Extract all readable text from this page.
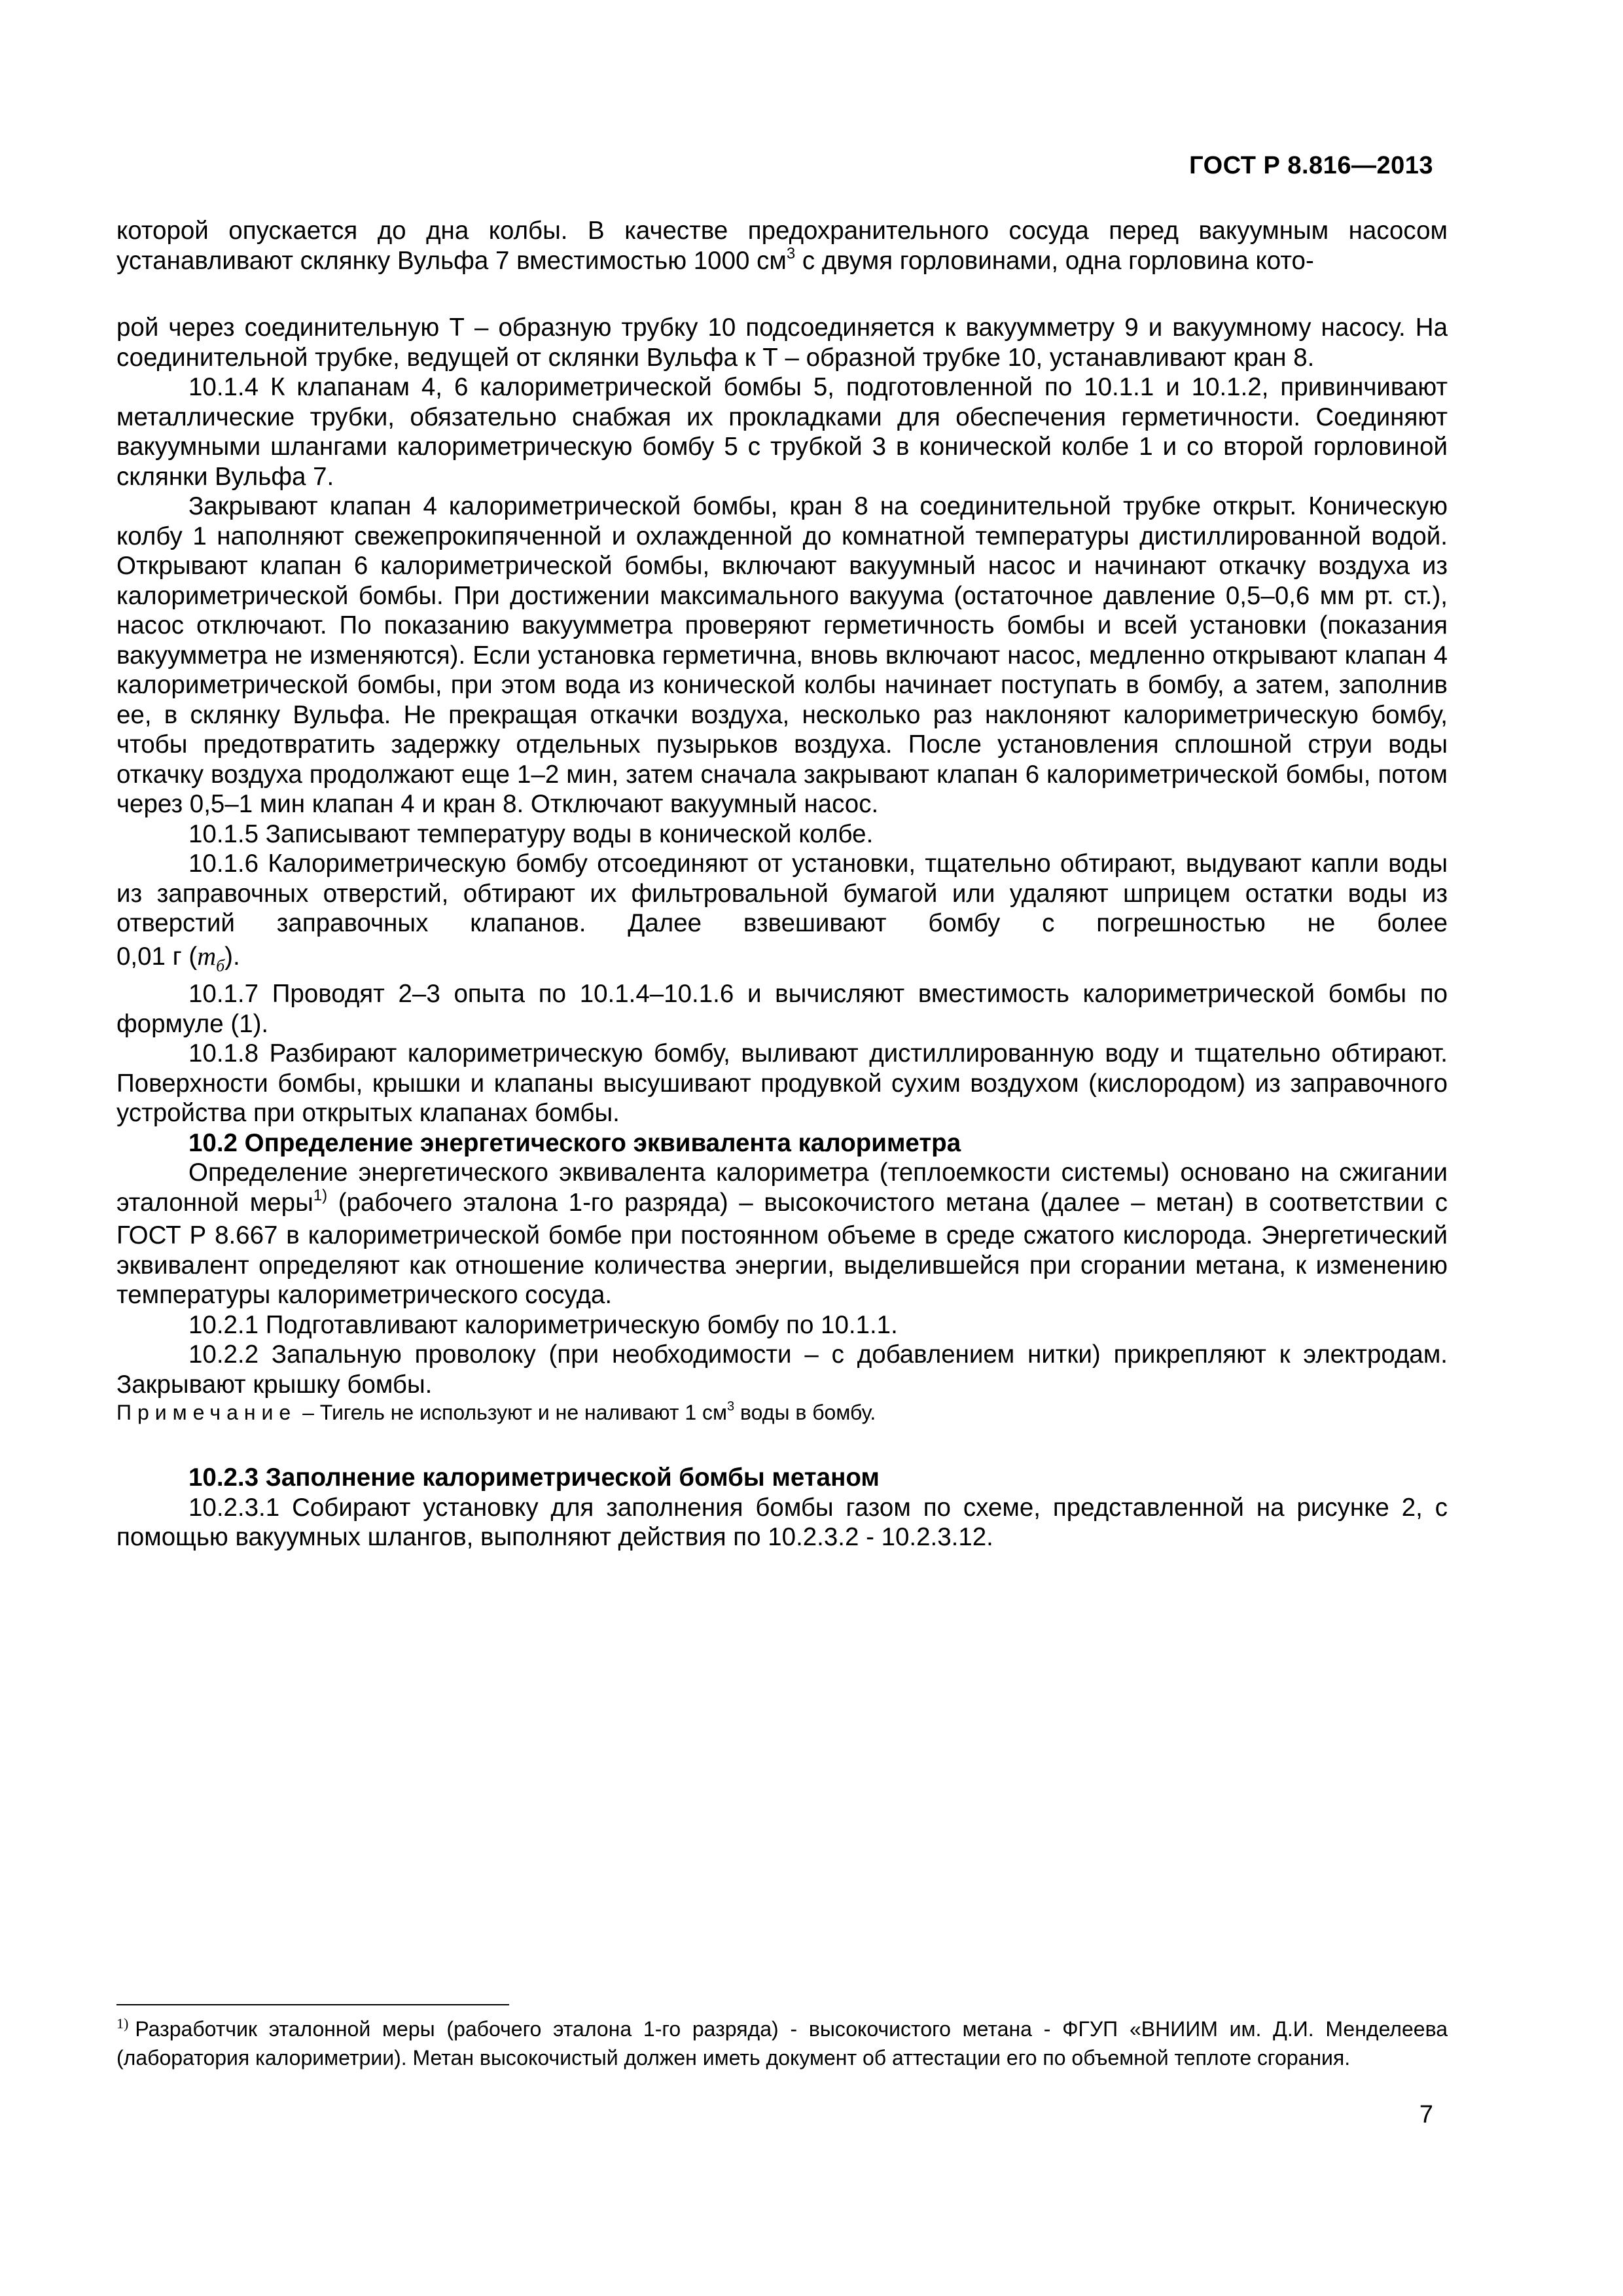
ГОСТ Р 8.816—2013

которой опускается до дна колбы. В качестве предохранительного сосуда перед вакуумным насосом устанавливают склянку Вульфа 7 вместимостью 1000 $см^3$ с двумя горловинами, одна горловина кото-

рой через соединительную Т – образную трубку 10 подсоединяется к вакуумметру 9 и вакуумному насосу. На соединительной трубке, ведущей от склянки Вульфа к Т – образной трубке 10, устанавливают кран 8.

10.1.4 К клапанам 4, 6 калориметрической бомбы 5, подготовленной по 10.1.1 и 10.1.2, привинчивают металлические трубки, обязательно снабжая их прокладками для обеспечения герметичности. Соединяют вакуумными шлангами калориметрическую бомбу 5 с трубкой 3 в конической колбе 1 и со второй горловиной склянки Вульфа 7.

Закрывают клапан 4 калориметрической бомбы, кран 8 на соединительной трубке открыт. Коническую колбу 1 наполняют свежепрокипяченной и охлажденной до комнатной температуры дистиллированной водой. Открывают клапан 6 калориметрической бомбы, включают вакуумный насос и начинают откачку воздуха из калориметрической бомбы. При достижении максимального вакуума (остаточное давление 0,5–0,6 мм рт. ст.), насос отключают. По показанию вакуумметра проверяют герметичность бомбы и всей установки (показания вакуумметра не изменяются). Если установка герметична, вновь включают насос, медленно открывают клапан 4 калориметрической бомбы, при этом вода из конической колбы начинает поступать в бомбу, а затем, заполнив ее, в склянку Вульфа. Не прекращая откачки воздуха, несколько раз наклоняют калориметрическую бомбу, чтобы предотвратить задержку отдельных пузырьков воздуха. После установления сплошной струи воды откачку воздуха продолжают еще 1–2 мин, затем сначала закрывают клапан 6 калориметрической бомбы, потом через 0,5–1 мин клапан 4 и кран 8. Отключают вакуумный насос.

10.1.5 Записывают температуру воды в конической колбе.

10.1.6 Калориметрическую бомбу отсоединяют от установки, тщательно обтирают, выдувают капли воды из заправочных отверстий, обтирают их фильтровальной бумагой или удаляют шприцем остатки воды из отверстий заправочных клапанов. Далее взвешивают бомбу с погрешностью не более

0,01 г $(m_б)$.

10.1.7 Проводят 2–3 опыта по 10.1.4–10.1.6 и вычисляют вместимость калориметрической бомбы по формуле (1).

10.1.8 Разбирают калориметрическую бомбу, выливают дистиллированную воду и тщательно обтирают. Поверхности бомбы, крышки и клапаны высушивают продувкой сухим воздухом (кислородом) из заправочного устройства при открытых клапанах бомбы.

10.2 Определение энергетического эквивалента калориметра

Определение энергетического эквивалента калориметра (теплоемкости системы) основано на сжигании эталонной меры$^{1)}$ (рабочего эталона 1-го разряда) – высокочистого метана (далее – метан) в соответствии с ГОСТ Р 8.667 в калориметрической бомбе при постоянном объеме в среде сжатого кислорода. Энергетический эквивалент определяют как отношение количества энергии, выделившейся при сгорании метана, к изменению температуры калориметрического сосуда.

10.2.1 Подготавливают калориметрическую бомбу по 10.1.1.

10.2.2 Запальную проволоку (при необходимости – с добавлением нитки) прикрепляют к электродам. Закрывают крышку бомбы.

Примечание – Тигель не используют и не наливают 1 $см^3$ воды в бомбу.

10.2.3 Заполнение калориметрической бомбы метаном

10.2.3.1 Собирают установку для заполнения бомбы газом по схеме, представленной на рисунке 2, с помощью вакуумных шлангов, выполняют действия по 10.2.3.2 - 10.2.3.12.

$^{1)}$ Разработчик эталонной меры (рабочего эталона 1-го разряда) - высокочистого метана - ФГУП «ВНИИМ им. Д.И. Менделеева (лаборатория калориметрии). Метан высокочистый должен иметь документ об аттестации его по объемной теплоте сгорания.
7
